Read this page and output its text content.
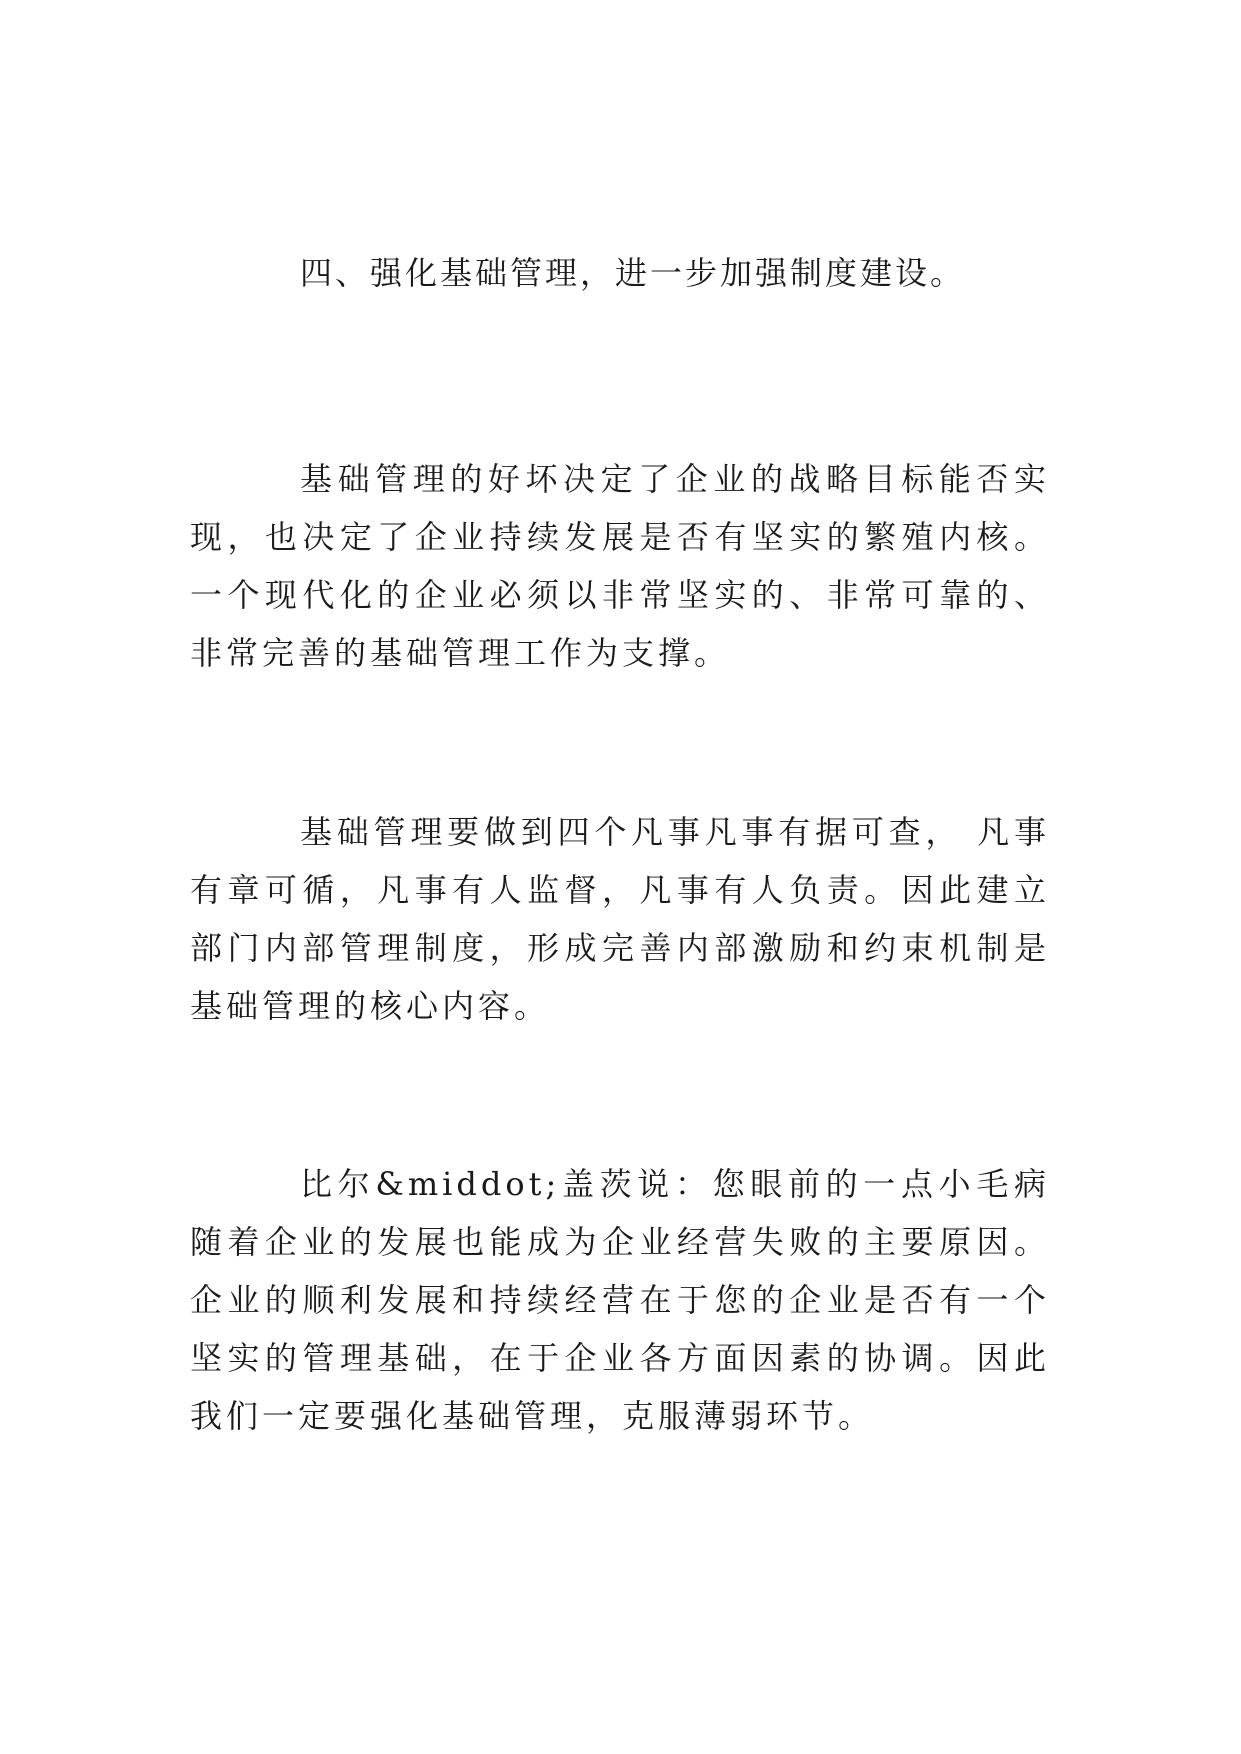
四、强化基础管理，进一步加强制度建设。

基础管理的好坏决定了企业的战略目标能否实现，也决定了企业持续发展是否有坚实的繁殖内核。一个现代化的企业必须以非常坚实的、非常可靠的、非常完善的基础管理工作为支撑。

基础管理要做到四个凡事凡事有据可查， 凡事有章可循，凡事有人监督，凡事有人负责。因此建立部门内部管理制度，形成完善内部激励和约束机制是基础管理的核心内容。

比尔&middot;盖茨说：您眼前的一点小毛病随着企业的发展也能成为企业经营失败的主要原因。企业的顺利发展和持续经营在于您的企业是否有一个坚实的管理基础，在于企业各方面因素的协调。因此我们一定要强化基础管理，克服薄弱环节。
